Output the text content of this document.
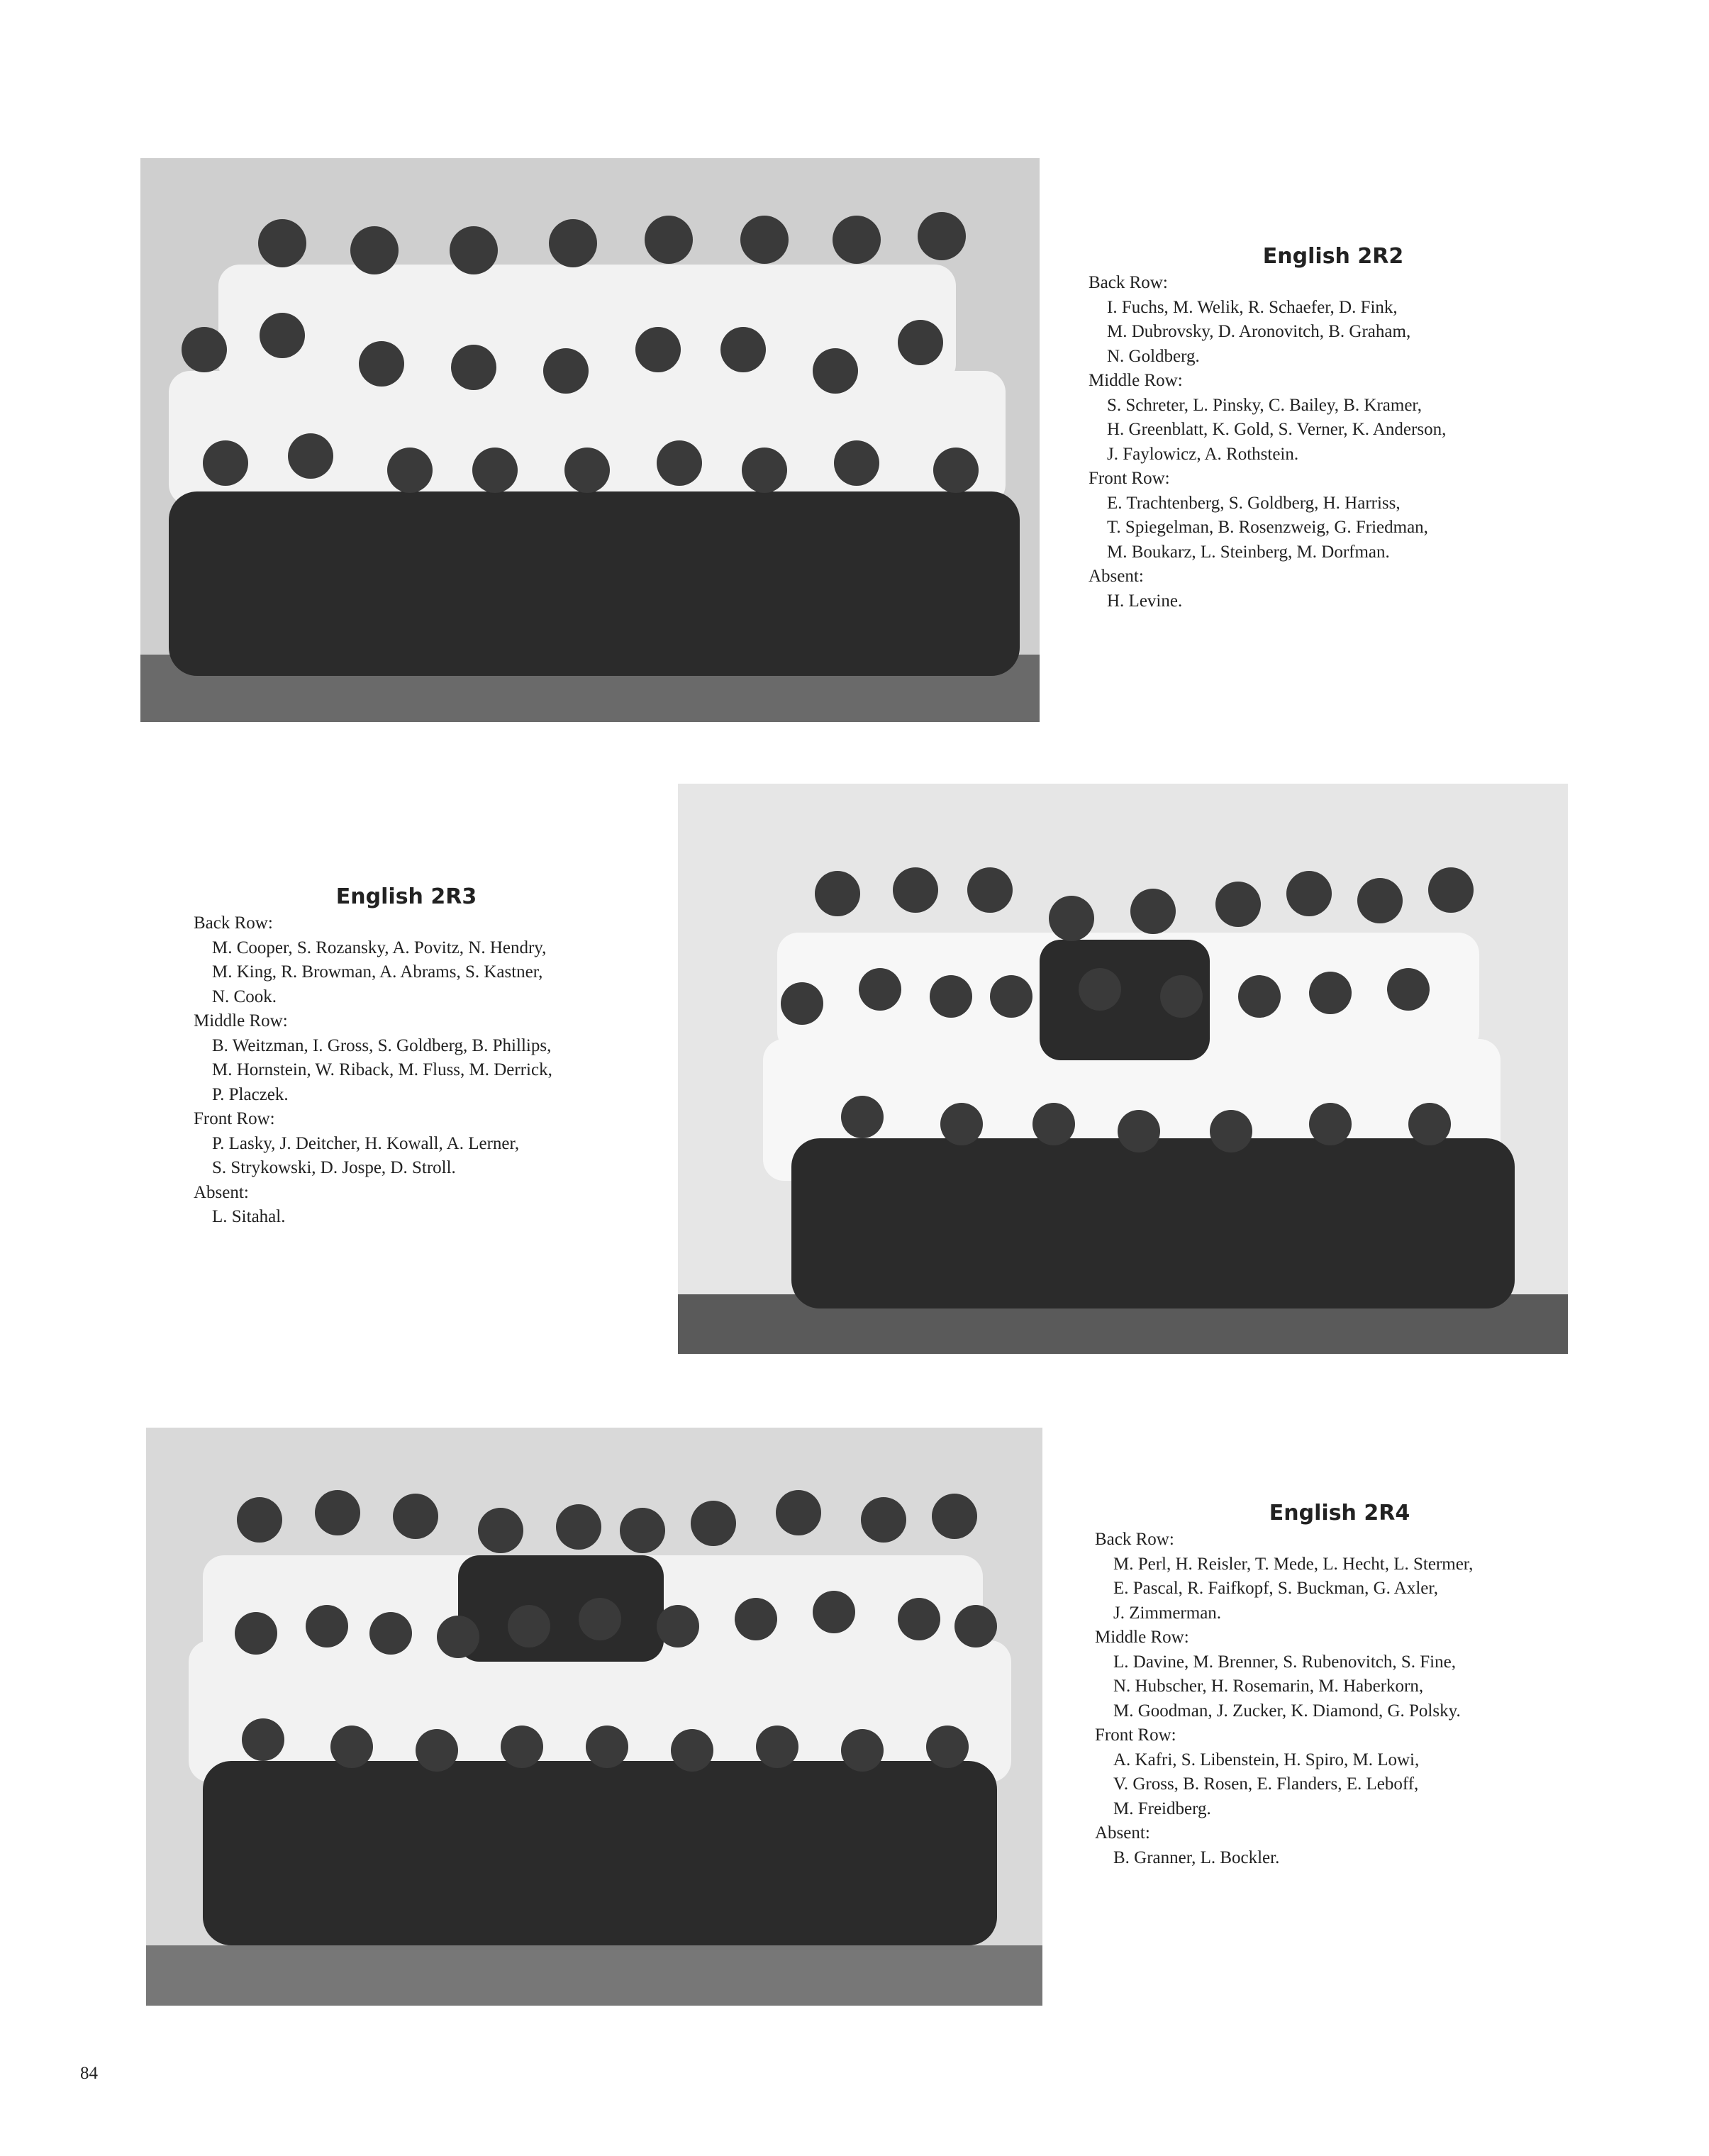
English 2R2
Back Row:
I. Fuchs, M. Welik, R. Schaefer, D. Fink,
M. Dubrovsky, D. Aronovitch, B. Graham,
N. Goldberg.
Middle Row:
S. Schreter, L. Pinsky, C. Bailey, B. Kramer,
H. Greenblatt, K. Gold, S. Verner, K. Anderson,
J. Faylowicz, A. Rothstein.
Front Row:
E. Trachtenberg, S. Goldberg, H. Harriss,
T. Spiegelman, B. Rosenzweig, G. Friedman,
M. Boukarz, L. Steinberg, M. Dorfman.
Absent:
H. Levine.
English 2R3
Back Row:
M. Cooper, S. Rozansky, A. Povitz, N. Hendry,
M. King, R. Browman, A. Abrams, S. Kastner,
N. Cook.
Middle Row:
B. Weitzman, I. Gross, S. Goldberg, B. Phillips,
M. Hornstein, W. Riback, M. Fluss, M. Derrick,
P. Placzek.
Front Row:
P. Lasky, J. Deitcher, H. Kowall, A. Lerner,
S. Strykowski, D. Jospe, D. Stroll.
Absent:
L. Sitahal.
English 2R4
Back Row:
M. Perl, H. Reisler, T. Mede, L. Hecht, L. Stermer,
E. Pascal, R. Faifkopf, S. Buckman, G. Axler,
J. Zimmerman.
Middle Row:
L. Davine, M. Brenner, S. Rubenovitch, S. Fine,
N. Hubscher, H. Rosemarin, M. Haberkorn,
M. Goodman, J. Zucker, K. Diamond, G. Polsky.
Front Row:
A. Kafri, S. Libenstein, H. Spiro, M. Lowi,
V. Gross, B. Rosen, E. Flanders, E. Leboff,
M. Freidberg.
Absent:
B. Granner, L. Bockler.
84
